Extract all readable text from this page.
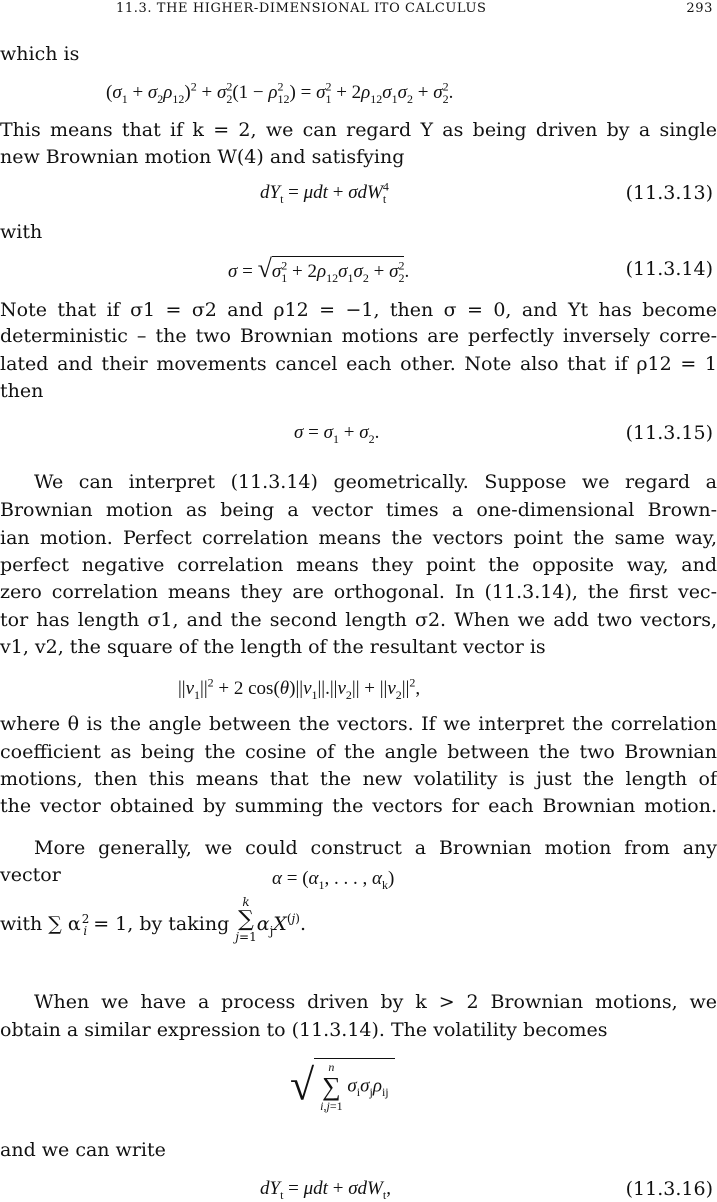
11.3. THE HIGHER-DIMENSIONAL ITO CALCULUS	293
which is
$(\sigma_1 + \sigma_2\rho_{12})^2 + \sigma^2_2(1 - \rho^2_{12}) = \sigma^2_1 + 2\rho_{12}\sigma_1\sigma_2 + \sigma^2_2$.
This means that if k = 2, we can regard Y as being driven by a single
new Brownian motion W(4) and satisfying
$dY_t = \mu dt + \sigma dW^4_t$	(11.3.13)
with
$\sigma = √\sigma^2_1 + 2\rho_{12}\sigma_1\sigma_2 + \sigma^2_2$.	(11.3.14)
Note that if σ1 = σ2 and ρ12 = −1, then σ = 0, and Yt has become
deterministic – the two Brownian motions are perfectly inversely corre-
lated and their movements cancel each other. Note also that if ρ12 = 1
then
$\sigma = \sigma_1 + \sigma_2$.	(11.3.15)
We can interpret (11.3.14) geometrically. Suppose we regard a
Brownian motion as being a vector times a one-dimensional Brown-
ian motion. Perfect correlation means the vectors point the same way,
perfect negative correlation means they point the opposite way, and
zero correlation means they are orthogonal. In (11.3.14), the first vec-
tor has length σ1, and the second length σ2. When we add two vectors,
v1, v2, the square of the length of the resultant vector is
$||v_1||^2 + 2$ $\cos(\theta)||v_1||.||v_2|| + ||v_2||^2$,
where θ is the angle between the vectors. If we interpret the correlation
coefficient as being the cosine of the angle between the two Brownian
motions, then this means that the new volatility is just the length of
the vector obtained by summing the vectors for each Brownian motion.
More generally, we could construct a Brownian motion from any
vector	$\alpha = (\alpha_1$, . . . , $\alpha_k$)
with ∑ $\alpha^2_i = 1$, by taking k
∑
$j=1\alpha_jX^{(j)}$.
When we have a process driven by k > 2 Brownian motions, we
obtain a similar expression to (11.3.14). The volatility becomes
√ n
∑
i,j=1 $\sigma_i\sigma_j\rho_{ij}$
and we can write
$dY_t = \mu dt + \sigma dW_t$,	(11.3.16)
